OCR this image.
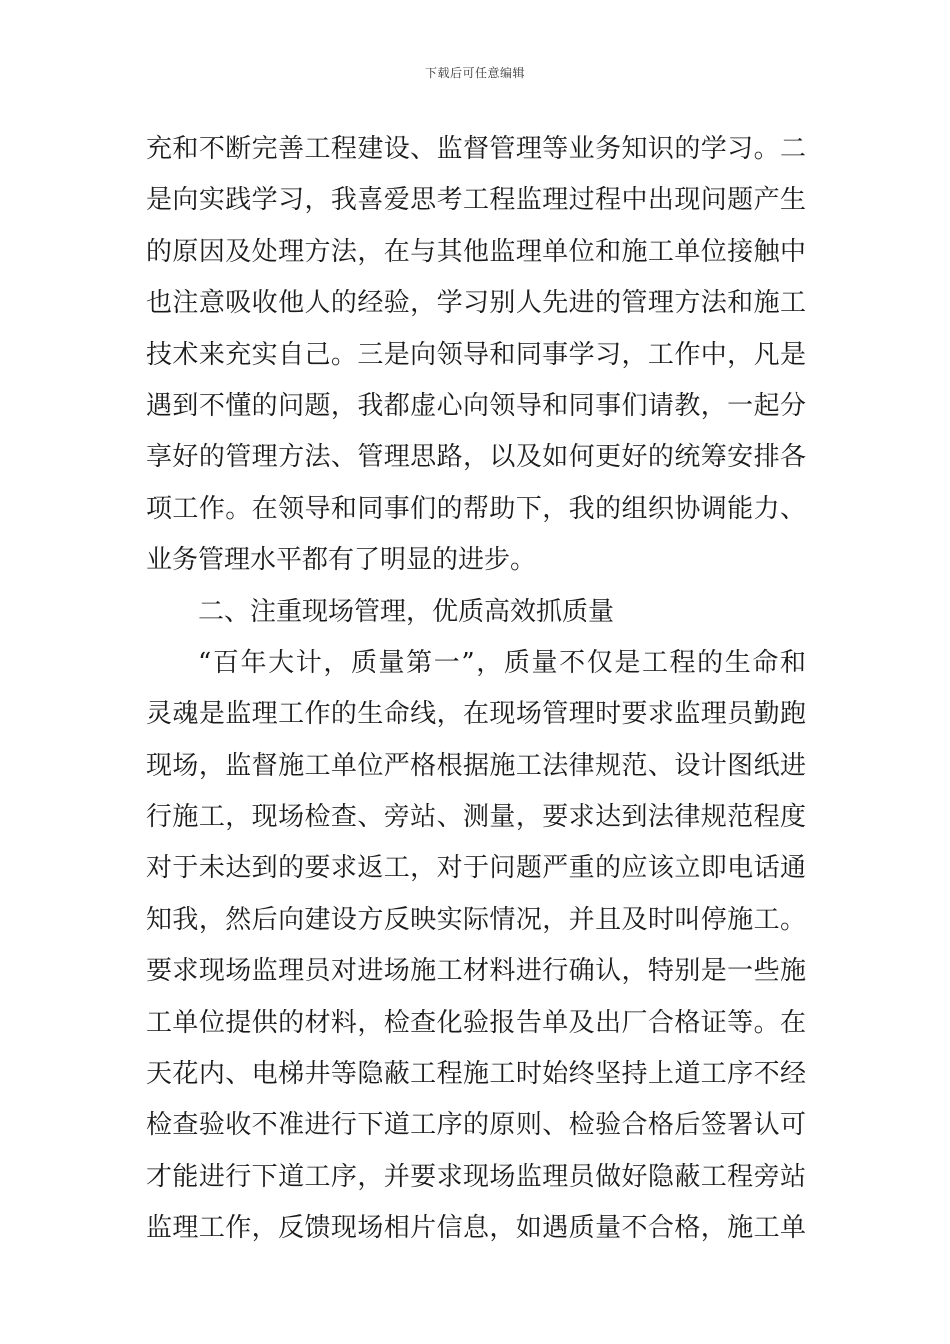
下载后可任意编辑
充和不断完善工程建设、监督管理等业务知识的学习。二
是向实践学习，我喜爱思考工程监理过程中出现问题产生
的原因及处理方法，在与其他监理单位和施工单位接触中
也注意吸收他人的经验，学习别人先进的管理方法和施工
技术来充实自己。三是向领导和同事学习，工作中，凡是
遇到不懂的问题，我都虚心向领导和同事们请教，一起分
享好的管理方法、管理思路，以及如何更好的统筹安排各
项工作。在领导和同事们的帮助下，我的组织协调能力、
业务管理水平都有了明显的进步。
二、注重现场管理，优质高效抓质量
“百年大计，质量第一”，质量不仅是工程的生命和
灵魂是监理工作的生命线，在现场管理时要求监理员勤跑
现场，监督施工单位严格根据施工法律规范、设计图纸进
行施工，现场检查、旁站、测量，要求达到法律规范程度
对于未达到的要求返工，对于问题严重的应该立即电话通
知我，然后向建设方反映实际情况，并且及时叫停施工。
要求现场监理员对进场施工材料进行确认，特别是一些施
工单位提供的材料，检查化验报告单及出厂合格证等。在
天花内、电梯井等隐蔽工程施工时始终坚持上道工序不经
检查验收不准进行下道工序的原则、检验合格后签署认可
才能进行下道工序，并要求现场监理员做好隐蔽工程旁站
监理工作，反馈现场相片信息，如遇质量不合格，施工单
